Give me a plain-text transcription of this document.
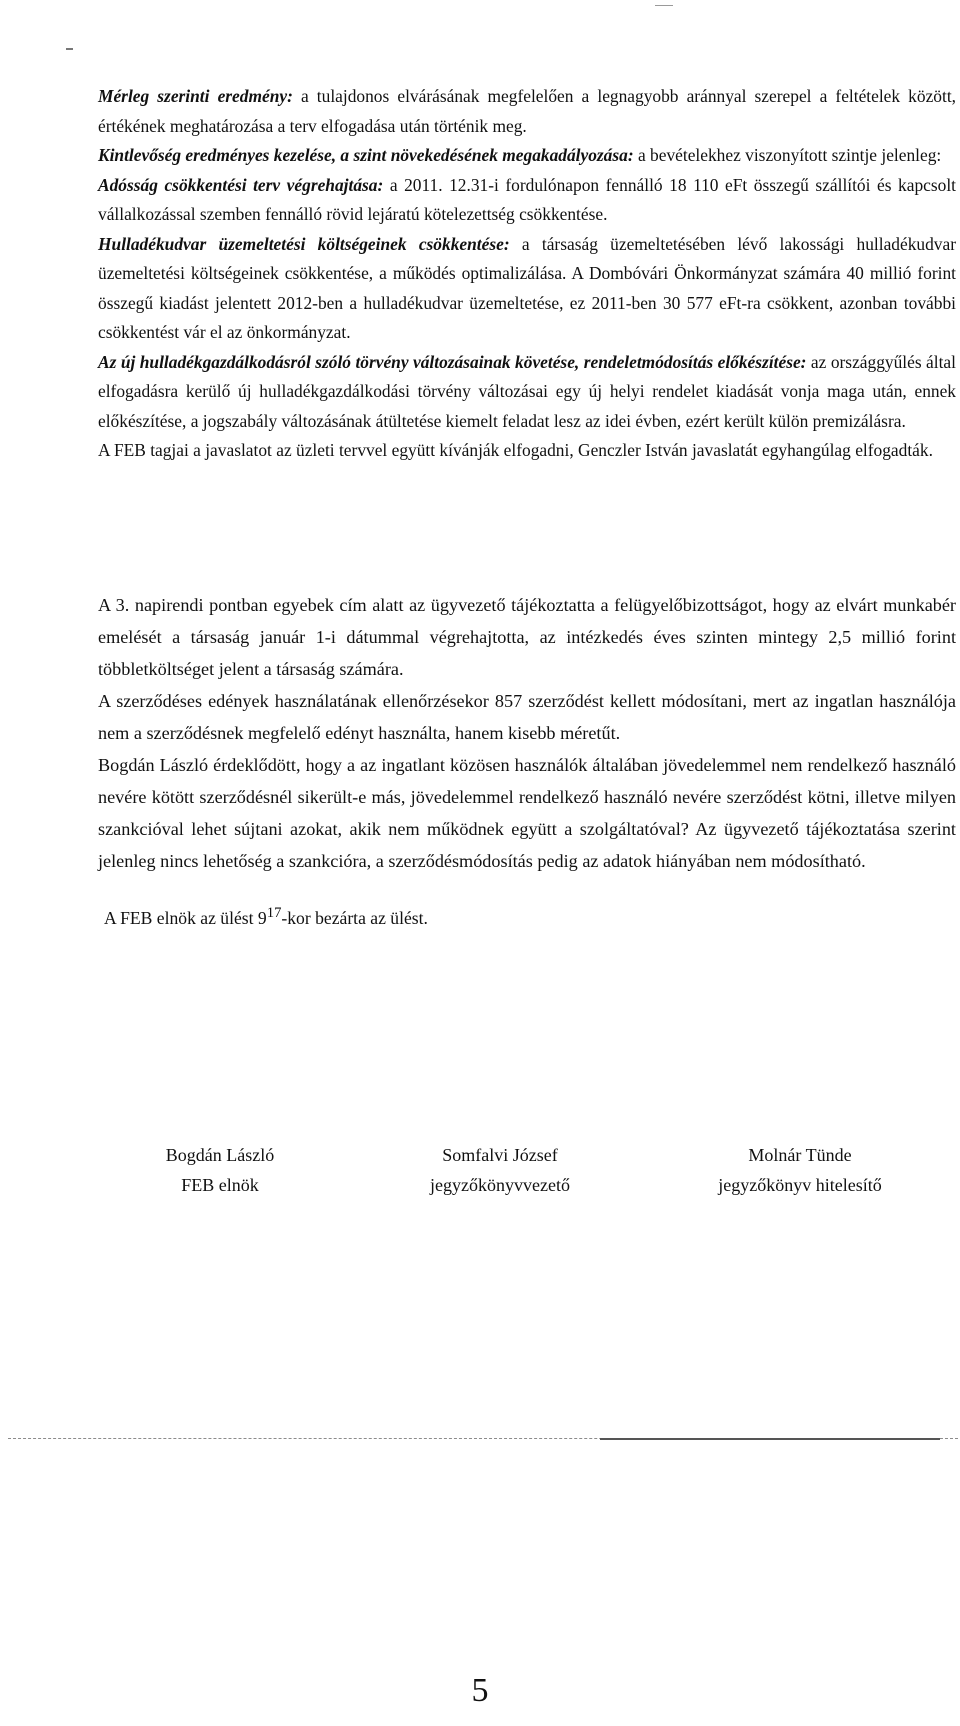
Mérleg szerinti eredmény: a tulajdonos elvárásának megfelelően a legnagyobb aránnyal szerepel a feltételek között, értékének meghatározása a terv elfogadása után történik meg.

Kintlevőség eredményes kezelése, a szint növekedésének megakadályozása: a bevételekhez viszonyított szintje jelenleg:

Adósság csökkentési terv végrehajtása: a 2011. 12.31-i fordulónapon fennálló 18 110 eFt összegű szállítói és kapcsolt vállalkozással szemben fennálló rövid lejáratú kötelezettség csökkentése.

Hulladékudvar üzemeltetési költségeinek csökkentése: a társaság üzemeltetésében lévő lakossági hulladékudvar üzemeltetési költségeinek csökkentése, a működés optimalizálása. A Dombóvári Önkormányzat számára 40 millió forint összegű kiadást jelentett 2012-ben a hulladékudvar üzemeltetése, ez 2011-ben 30 577 eFt-ra csökkent, azonban további csökkentést vár el az önkormányzat.

Az új hulladékgazdálkodásról szóló törvény változásainak követése, rendeletmódosítás előkészítése: az országgyűlés által elfogadásra kerülő új hulladékgazdálkodási törvény változásai egy új helyi rendelet kiadását vonja maga után, ennek előkészítése, a jogszabály változásának átültetése kiemelt feladat lesz az idei évben, ezért került külön premizálásra.

A FEB tagjai a javaslatot az üzleti tervvel együtt kívánják elfogadni, Genczler István javaslatát egyhangúlag elfogadták.

A 3. napirendi pontban egyebek cím alatt az ügyvezető tájékoztatta a felügyelőbizottságot, hogy az elvárt munkabér emelését a társaság január 1-i dátummal végrehajtotta, az intézkedés éves szinten mintegy 2,5 millió forint többletköltséget jelent a társaság számára.

A szerződéses edények használatának ellenőrzésekor 857 szerződést kellett módosítani, mert az ingatlan használója nem a szerződésnek megfelelő edényt használta, hanem kisebb méretűt.

Bogdán László érdeklődött, hogy a az ingatlant közösen használók általában jövedelemmel nem rendelkező használó nevére kötött szerződésnél sikerült-e más, jövedelemmel rendelkező használó nevére szerződést kötni, illetve milyen szankcióval lehet sújtani azokat, akik nem működnek együtt a szolgáltatóval? Az ügyvezető tájékoztatása szerint jelenleg nincs lehetőség a szankcióra, a szerződésmódosítás pedig az adatok hiányában nem módosítható.

A FEB elnök az ülést $9^{17}$-kor bezárta az ülést.

Bogdán László
FEB elnök
Somfalvi József
jegyzőkönyvvezető
Molnár Tünde
jegyzőkönyv hitelesítő
5
